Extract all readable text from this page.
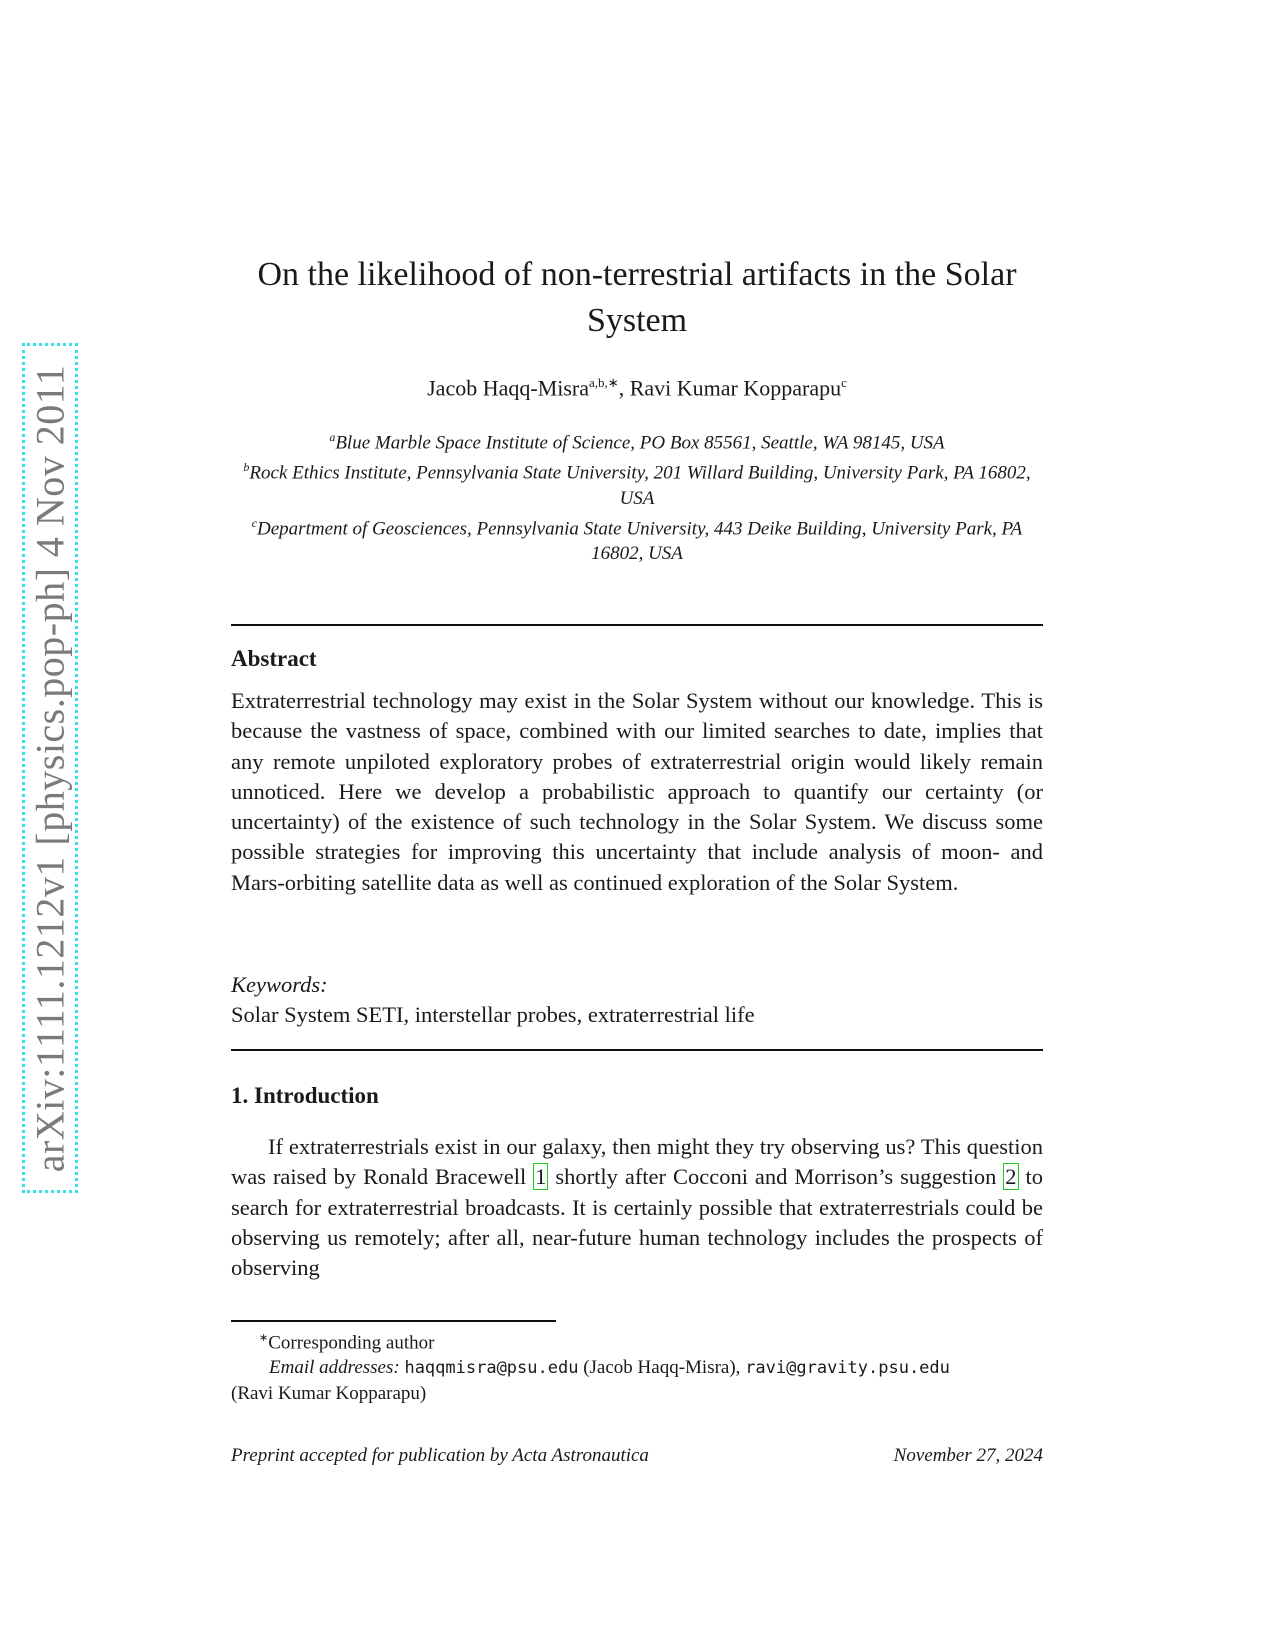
arXiv:1111.1212v1 [physics.pop-ph] 4 Nov 2011
On the likelihood of non-terrestrial artifacts in the Solar
System
Jacob Haqq-Misra$^{a,b,∗}$, Ravi Kumar Kopparapu$^c$
$^a$Blue Marble Space Institute of Science, PO Box 85561, Seattle, WA 98145, USA
$^b$Rock Ethics Institute, Pennsylvania State University, 201 Willard Building, University Park, PA 16802, USA
$^c$Department of Geosciences, Pennsylvania State University, 443 Deike Building, University Park, PA 16802, USA
Abstract

Extraterrestrial technology may exist in the Solar System without our knowledge. This is because the vastness of space, combined with our limited searches to date, implies that any remote unpiloted exploratory probes of extraterrestrial origin would likely remain unnoticed. Here we develop a probabilistic approach to quantify our certainty (or uncertainty) of the existence of such technology in the Solar System. We discuss some possible strategies for improving this uncertainty that include analysis of moon- and Mars-orbiting satellite data as well as continued exploration of the Solar System.

Keywords:
Solar System SETI, interstellar probes, extraterrestrial life
1. Introduction

If extraterrestrials exist in our galaxy, then might they try observing us? This question was raised by Ronald Bracewell 1 shortly after Cocconi and Morrison’s suggestion 2 to search for extraterrestrial broadcasts. It is certainly possible that extraterrestrials could be observing us remotely; after all, near-future human technology includes the prospects of observing

∗Corresponding author
Email addresses: haqqmisra@psu.edu (Jacob Haqq-Misra), ravi@gravity.psu.edu
(Ravi Kumar Kopparapu)
Preprint accepted for publication by Acta Astronautica	November 27, 2024
